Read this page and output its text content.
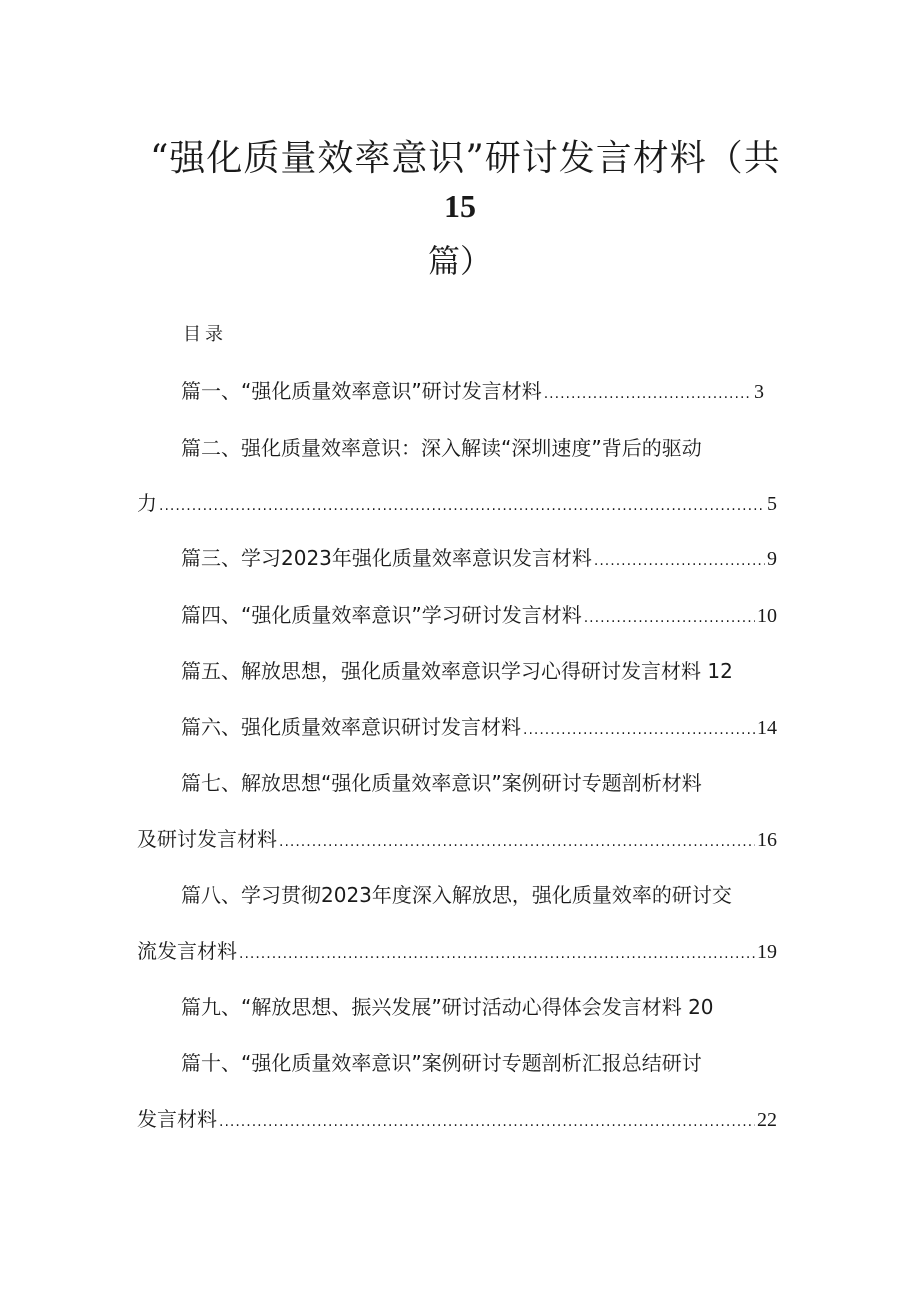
“强化质量效率意识”研讨发言材料（共
15
篇）
目录
篇一、“强化质量效率意识”研讨发言材料 .....	3
篇二、强化质量效率意识：深入解读“深圳速度”背后的驱动
力 .....	5
篇三、学习2023年强化质量效率意识发言材料 .....	9
篇四、“强化质量效率意识”学习研讨发言材料 .....	10
篇五、解放思想，强化质量效率意识学习心得研讨发言材料 12
篇六、强化质量效率意识研讨发言材料 .....	14
篇七、解放思想“强化质量效率意识”案例研讨专题剖析材料
及研讨发言材料 .....	16
篇八、学习贯彻2023年度深入解放思，强化质量效率的研讨交
流发言材料 .....	19
篇九、“解放思想、振兴发展”研讨活动心得体会发言材料 20
篇十、“强化质量效率意识”案例研讨专题剖析汇报总结研讨
发言材料 .....	22
